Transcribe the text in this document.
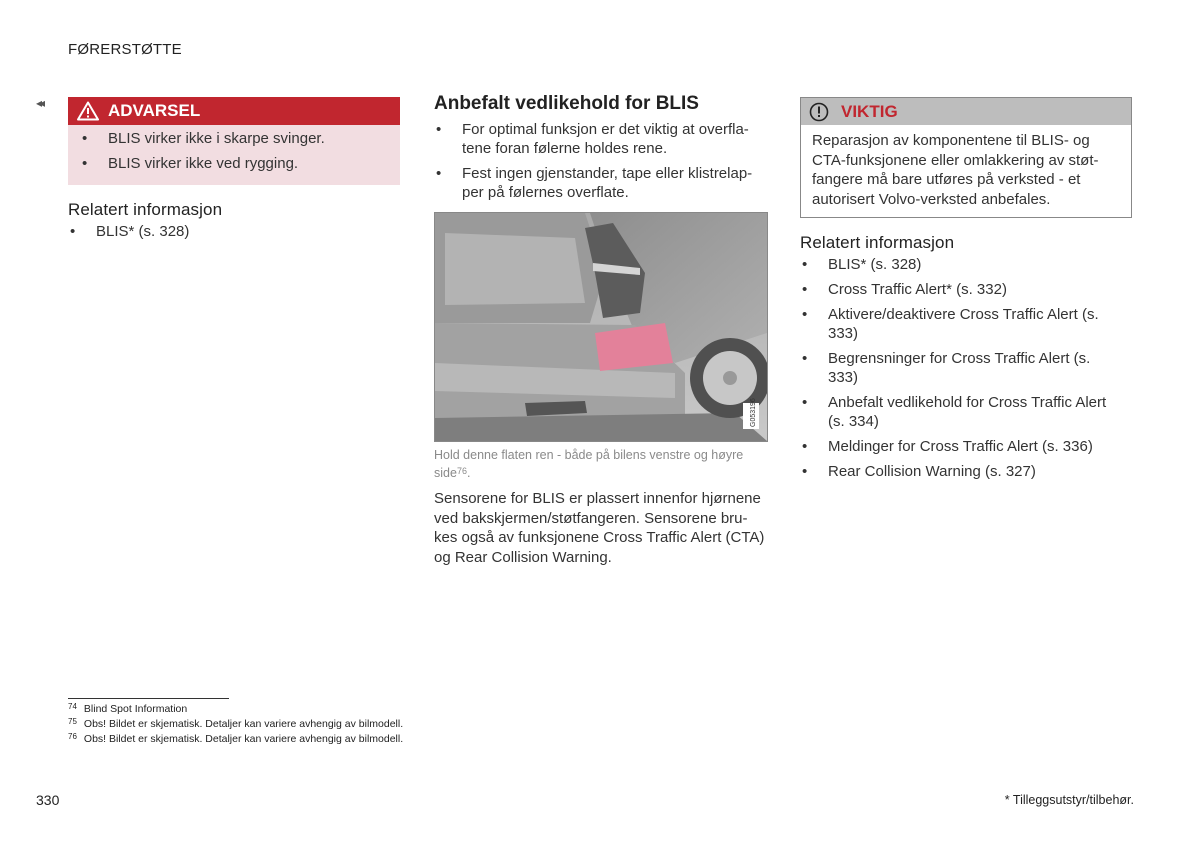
FØRERSTØTTE
◂◂	ADVARSEL
• BLIS virker ikke i skarpe svinger.
• BLIS virker ikke ved rygging.
Relatert informasjon
• BLIS* (s. 328)
Anbefalt vedlikehold for BLIS
• For optimal funksjon er det viktig at overfla-tene foran følerne holdes rene.
• Fest ingen gjenstander, tape eller klistrelap-per på følernes overflate.
G053196
Hold denne flaten ren - både på bilens venstre og høyre side$^{76}$.
Sensorene for BLIS er plassert innenfor hjørnene ved bakskjermen/støtfangeren. Sensorene bru-kes også av funksjonene Cross Traffic Alert (CTA) og Rear Collision Warning.
VIKTIG
Reparasjon av komponentene til BLIS- og CTA-funksjonene eller omlakkering av støt-fangere må bare utføres på verksted - et autorisert Volvo-verksted anbefales.
Relatert informasjon
• BLIS* (s. 328)
• Cross Traffic Alert* (s. 332)
• Aktivere/deaktivere Cross Traffic Alert (s. 333)
• Begrensninger for Cross Traffic Alert (s. 333)
• Anbefalt vedlikehold for Cross Traffic Alert (s. 334)
• Meldinger for Cross Traffic Alert (s. 336)
• Rear Collision Warning (s. 327)
$^{74}$ Blind Spot Information
$^{75}$ Obs! Bildet er skjematisk. Detaljer kan variere avhengig av bilmodell.
$^{76}$ Obs! Bildet er skjematisk. Detaljer kan variere avhengig av bilmodell.
330	* Tilleggsutstyr/tilbehør.
